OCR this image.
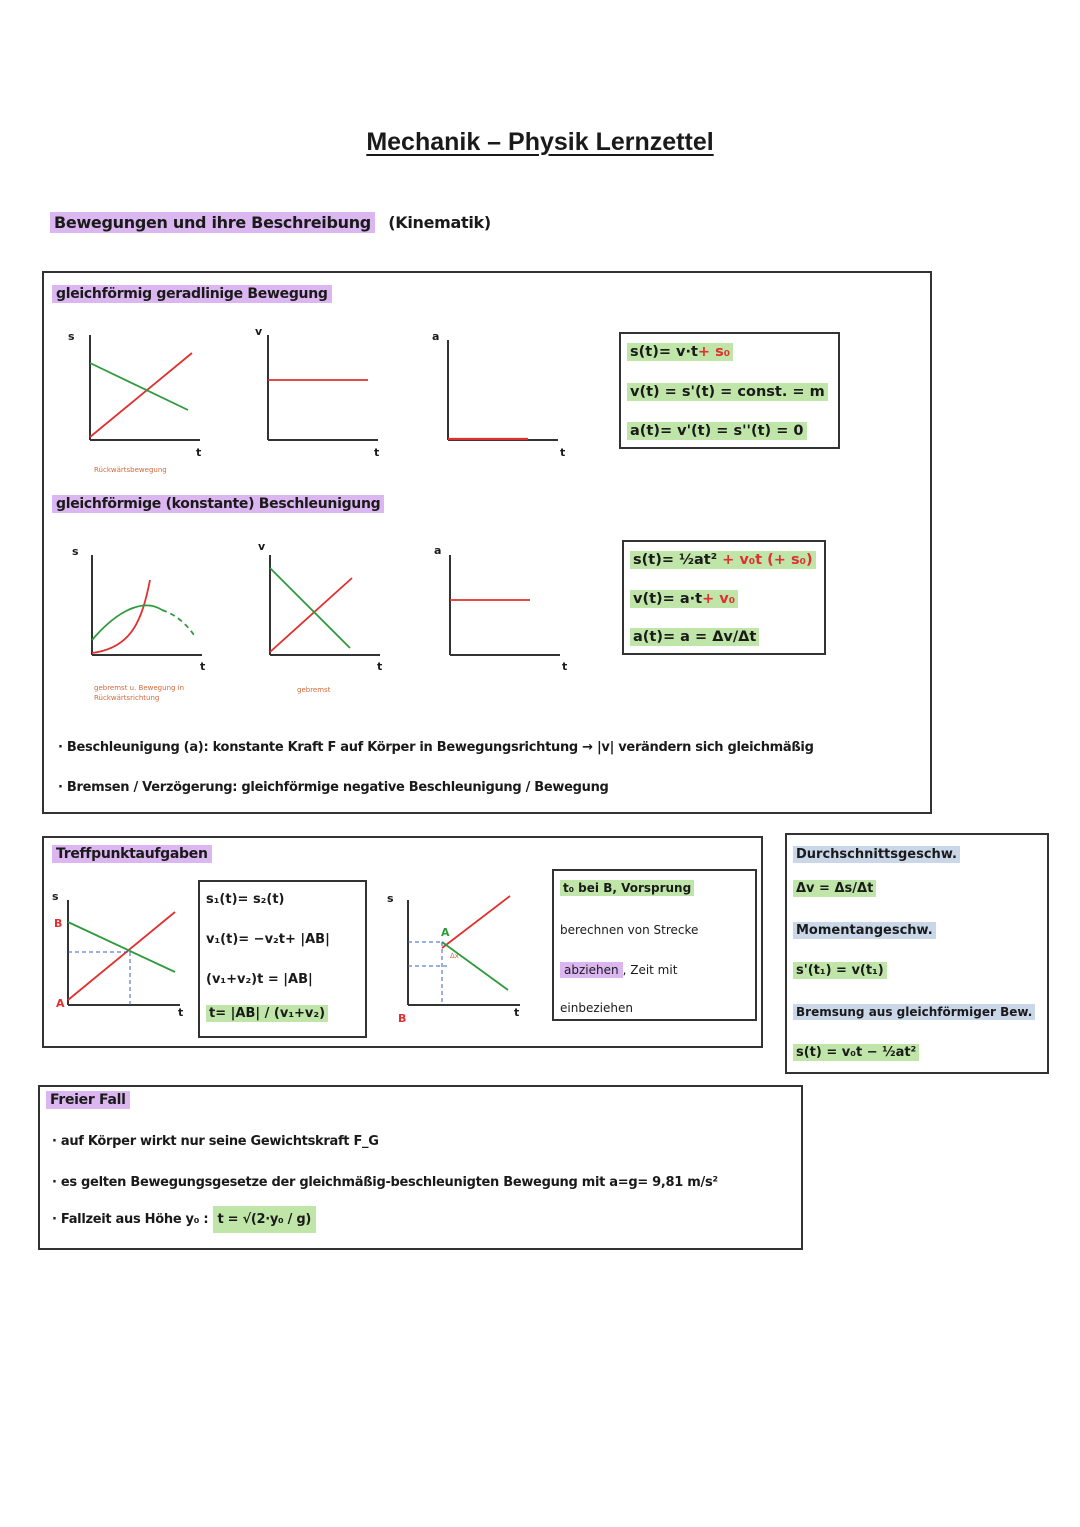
Mechanik – Physik Lernzettel
Bewegungen und ihre Beschreibung (Kinematik)
gleichförmig geradlinige Bewegung
s
t
Rückwärtsbewegung
v
t
a
t
s(t)= v·t+ s₀
v(t) = s'(t) = const. = m
a(t)= v'(t) = s''(t) = 0
gleichförmige (konstante) Beschleunigung
s
t
gebremst u. Bewegung in Rückwärtsrichtung
v
t
gebremst
a
t
s(t)= ½at² + v₀t (+ s₀)
v(t)= a·t+ v₀
a(t)= a = Δv/Δt
· Beschleunigung (a): konstante Kraft F auf Körper in Bewegungsrichtung → |v| verändern sich gleichmäßig
· Bremsen / Verzögerung: gleichförmige negative Beschleunigung / Bewegung
Treffpunktaufgaben
s
B
A
t
s₁(t)= s₂(t)
v₁(t)= −v₂t+ |AB|
(v₁+v₂)t = |AB|
t= |AB| / (v₁+v₂)
s
A
B
Δx
t
t₀ bei B, Vorsprung
berechnen von Strecke
abziehen , Zeit mit
einbeziehen
Durchschnittsgeschw.
Δv = Δs/Δt
Momentangeschw.
s'(t₁) = v(t₁)
Bremsung aus gleichförmiger Bew.
s(t) = v₀t − ½at²
Freier Fall
· auf Körper wirkt nur seine Gewichtskraft F_G
· es gelten Bewegungsgesetze der gleichmäßig-beschleunigten Bewegung mit a=g= 9,81 m/s²
· Fallzeit aus Höhe y₀ : t = √(2·y₀ / g)
